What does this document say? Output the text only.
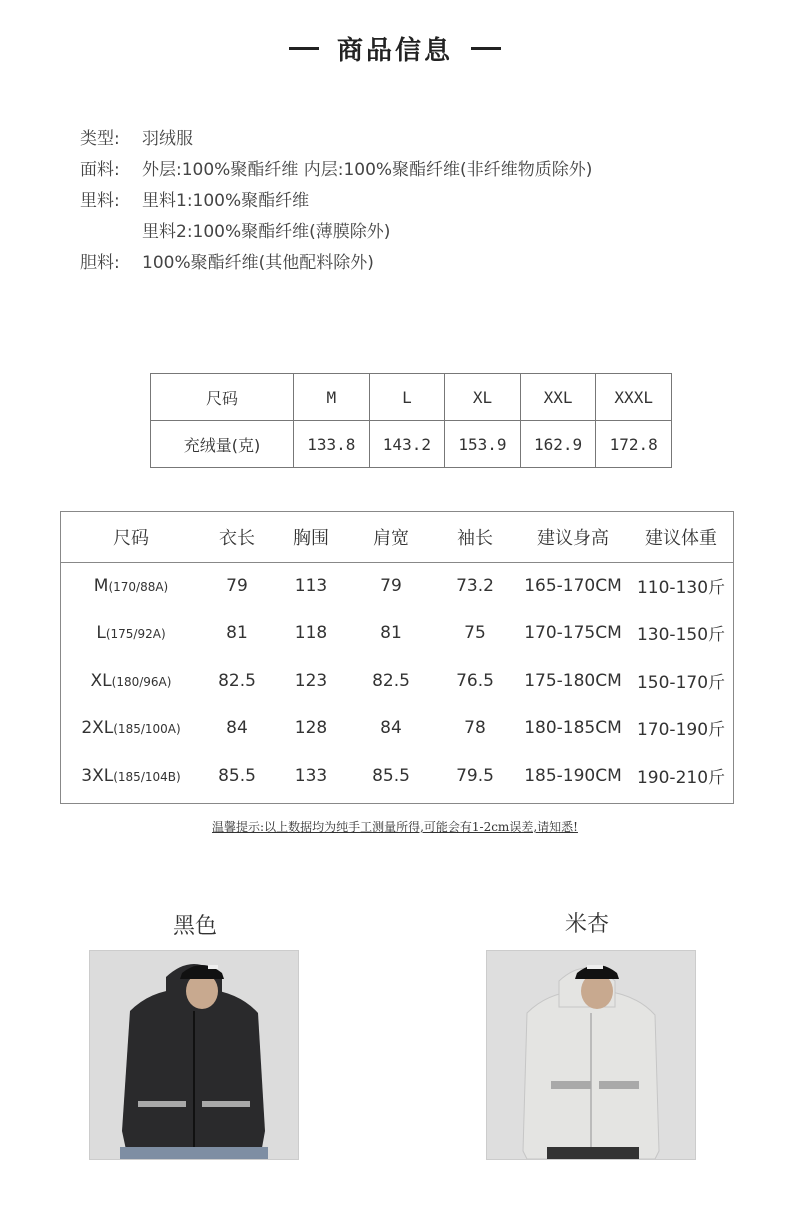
商品信息
类型:	羽绒服
面料:	外层:100%聚酯纤维 内层:100%聚酯纤维(非纤维物质除外)
里料:	里料1:100%聚酯纤维
里料2:100%聚酯纤维(薄膜除外)
胆料:	100%聚酯纤维(其他配料除外)
尺码	M	L	XL	XXL	XXXL
充绒量(克)	133.8	143.2	153.9	162.9	172.8
尺码	衣长	胸围	肩宽	袖长	建议身高	建议体重
M(170/88A)	79	113	79	73.2	165-170CM 110-130斤
L(175/92A)	81	118	81	75	170-175CM 130-150斤
XL(180/96A)	82.5	123	82.5	76.5	175-180CM 150-170斤
2XL(185/100A)	84	128	84	78	180-185CM 170-190斤
3XL(185/104B)	85.5	133	85.5	79.5	185-190CM 190-210斤
温馨提示:以上数据均为纯手工测量所得,可能会有1-2cm误差,请知悉!
黑色	米杏
